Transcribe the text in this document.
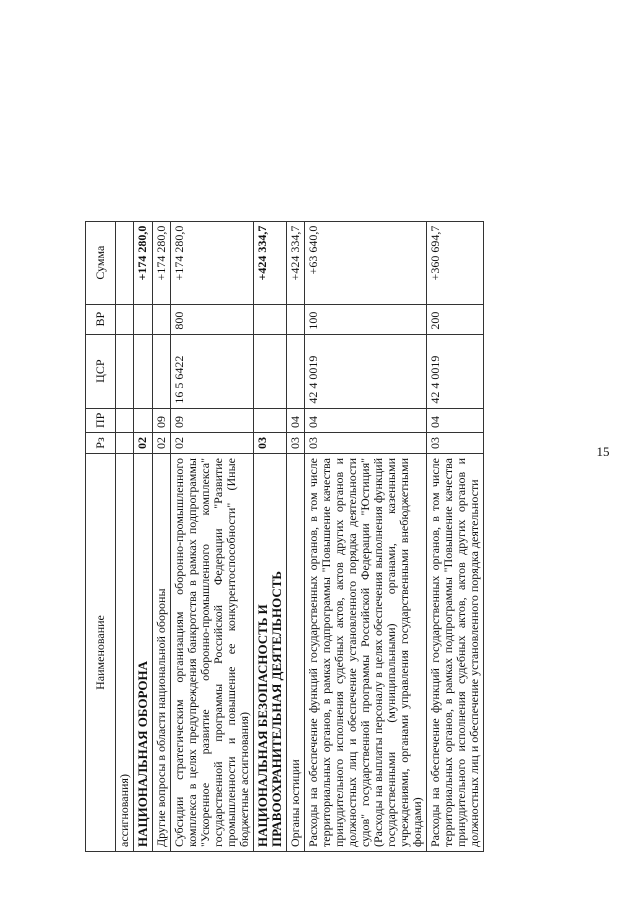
15
Наименование	Рз	ПР	ЦСР	ВР	Сумма
ассигнования)					
НАЦИОНАЛЬНАЯ ОБОРОНА	02				+174 280,0
Другие вопросы в области национальной обороны	02	09			+174 280,0
Субсидии стратегическим организациям оборонно-промышленного комплекса в целях предупреждения банкротства в рамках подпрограммы "Ускоренное развитие оборонно-промышленного комплекса" государственной программы Российской Федерации "Развитие промышленности и повышение ее конкурентоспособности" (Иные бюджетные ассигнования)	02	09	16 5 6422	800	+174 280,0
НАЦИОНАЛЬНАЯ БЕЗОПАСНОСТЬ И ПРАВООХРАНИТЕЛЬНАЯ ДЕЯТЕЛЬНОСТЬ	03				+424 334,7
Органы юстиции	03	04			+424 334,7
Расходы на обеспечение функций государственных органов, в том числе территориальных органов, в рамках подпрограммы "Повышение качества принудительного исполнения судебных актов, актов других органов и должностных лиц и обеспечение установленного порядка деятельности судов" государственной программы Российской Федерации "Юстиция" (Расходы на выплаты персоналу в целях обеспечения выполнения функций государственными (муниципальными) органами, казенными учреждениями, органами управления государственными внебюджетными фондами)	03	04	42 4 0019	100	+63 640,0
Расходы на обеспечение функций государственных органов, в том числе территориальных органов, в рамках подпрограммы "Повышение качества принудительного исполнения судебных актов, актов других органов и должностных лиц и обеспечение установленного порядка деятельности	03	04	42 4 0019	200	+360 694,7
